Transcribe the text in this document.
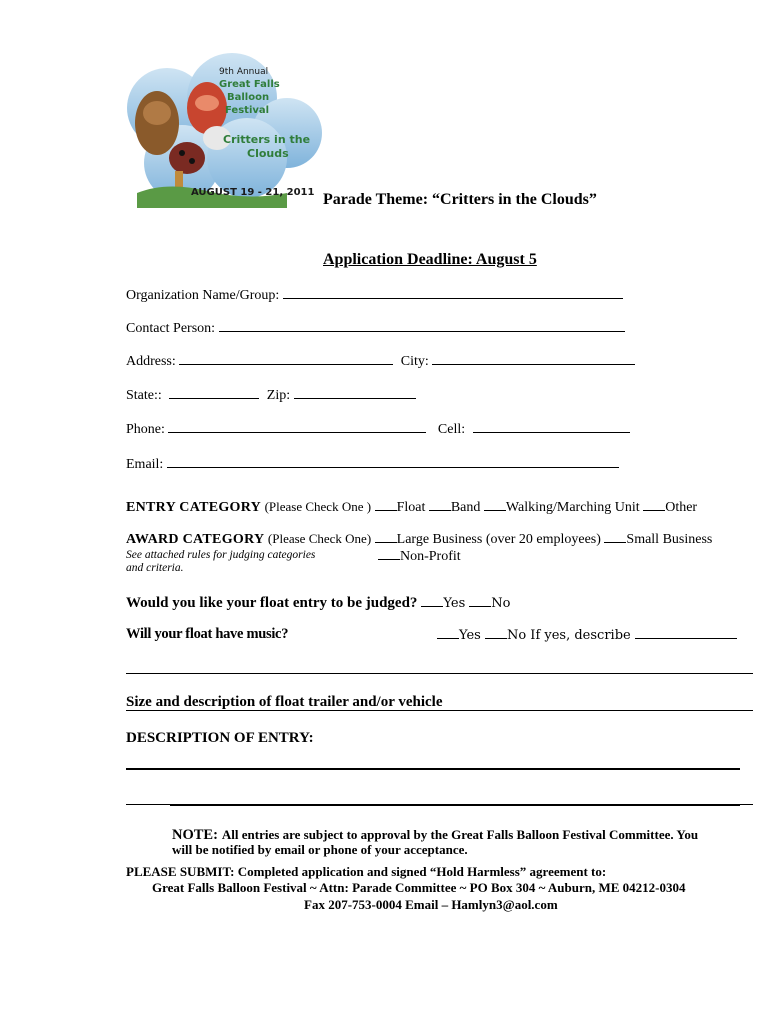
9th Annual
Great Falls
Balloon
Festival
Critters in the
Clouds
AUGUST 19 - 21, 2011 Parade Theme: “Critters in the Clouds”
Application Deadline: August 5
Organization Name/Group:
Contact Person:
Address:	City:
State::	Zip:
Phone:	Cell:
Email:
ENTRY CATEGORY (Please Check One ) Float Band Walking/Marching Unit Other
AWARD CATEGORY (Please Check One) Large Business (over 20 employees) Small Business
Non-Profit
See attached rules for judging categories
and criteria.
Would you like your float entry to be judged? Yes No
Will your float have music?	Yes No If yes, describe
Size and description of float trailer and/or vehicle
DESCRIPTION OF ENTRY:
NOTE: All entries are subject to approval by the Great Falls Balloon Festival Committee. You
will be notified by email or phone of your acceptance.
PLEASE SUBMIT: Completed application and signed “Hold Harmless” agreement to:
Great Falls Balloon Festival ~ Attn: Parade Committee ~ PO Box 304 ~ Auburn, ME 04212-0304
Fax 207-753-0004 Email – Hamlyn3@aol.com
